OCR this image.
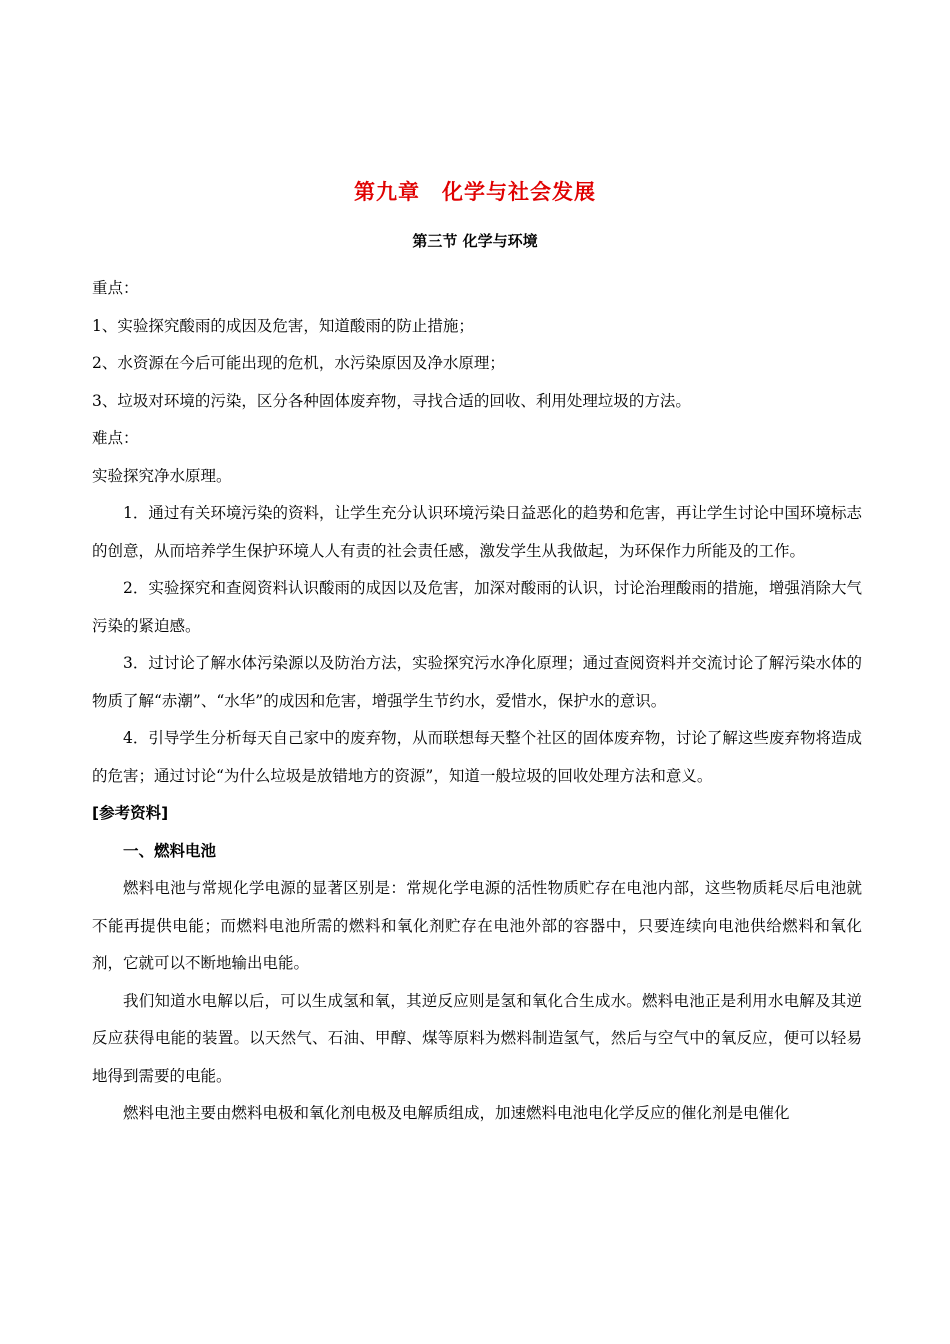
第九章　化学与社会发展
第三节 化学与环境
重点：
1、实验探究酸雨的成因及危害，知道酸雨的防止措施；
2、水资源在今后可能出现的危机，水污染原因及净水原理；
3、垃圾对环境的污染，区分各种固体废弃物，寻找合适的回收、利用处理垃圾的方法。
难点：
实验探究净水原理。
1．通过有关环境污染的资料，让学生充分认识环境污染日益恶化的趋势和危害，再让学生讨论中国环境标志的创意，从而培养学生保护环境人人有责的社会责任感，激发学生从我做起，为环保作力所能及的工作。
2．实验探究和查阅资料认识酸雨的成因以及危害，加深对酸雨的认识，讨论治理酸雨的措施，增强消除大气污染的紧迫感。
3．过讨论了解水体污染源以及防治方法，实验探究污水净化原理；通过查阅资料并交流讨论了解污染水体的物质了解“赤潮”、“水华”的成因和危害，增强学生节约水，爱惜水，保护水的意识。
4．引导学生分析每天自己家中的废弃物，从而联想每天整个社区的固体废弃物，讨论了解这些废弃物将造成的危害；通过讨论“为什么垃圾是放错地方的资源”，知道一般垃圾的回收处理方法和意义。
[参考资料]
一、燃料电池
燃料电池与常规化学电源的显著区别是：常规化学电源的活性物质贮存在电池内部，这些物质耗尽后电池就不能再提供电能；而燃料电池所需的燃料和氧化剂贮存在电池外部的容器中，只要连续向电池供给燃料和氧化剂，它就可以不断地输出电能。
我们知道水电解以后，可以生成氢和氧，其逆反应则是氢和氧化合生成水。燃料电池正是利用水电解及其逆反应获得电能的装置。以天然气、石油、甲醇、煤等原料为燃料制造氢气，然后与空气中的氧反应，便可以轻易地得到需要的电能。
燃料电池主要由燃料电极和氧化剂电极及电解质组成，加速燃料电池电化学反应的催化剂是电催化
